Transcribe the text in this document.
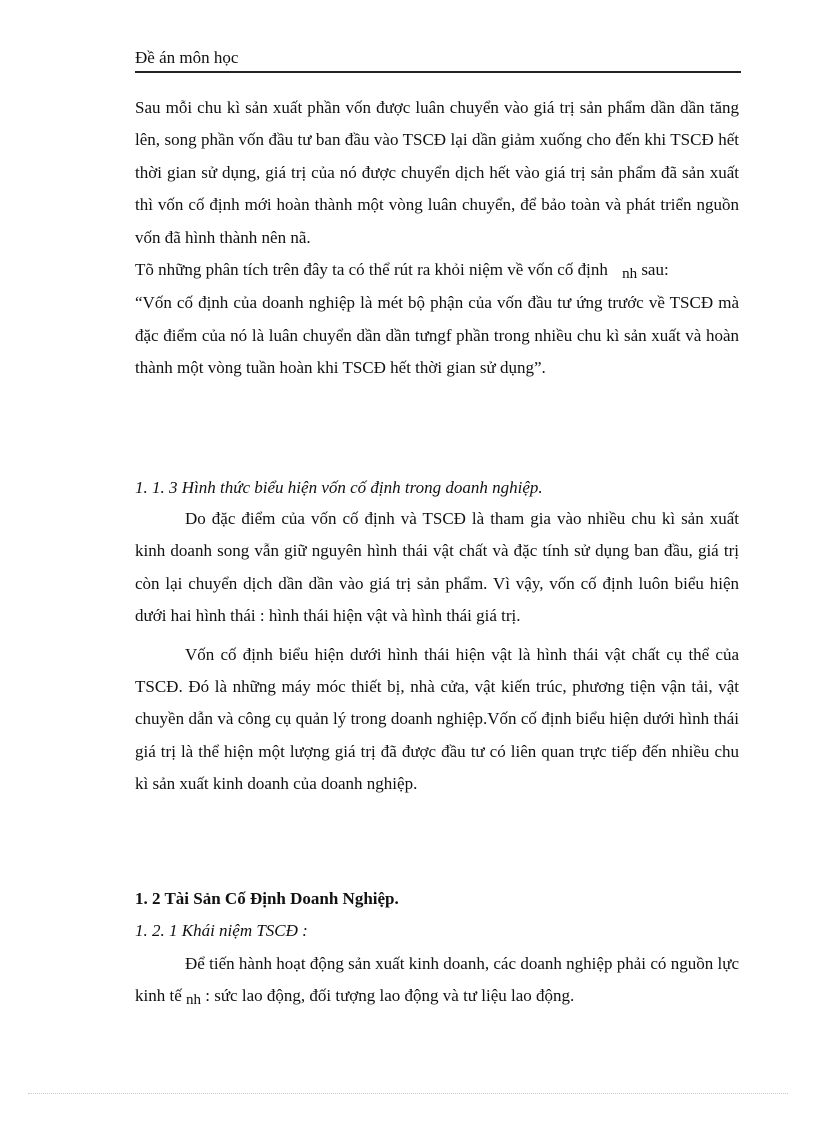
Đề án môn học

Sau mỗi chu kì sản xuất phần vốn được luân chuyển vào giá trị sản phẩm dần dần tăng lên, song phần vốn đầu tư ban đầu vào TSCĐ lại dần giảm xuống cho đến khi TSCĐ hết thời gian sử dụng, giá trị của nó được chuyển dịch hết vào giá trị sản phẩm đã sản xuất thì vốn cố định mới hoàn thành một vòng luân chuyển, để bảo toàn và phát triển nguồn vốn đã hình thành nên nã.

Tõ những phân tích trên đây ta có thể rút ra khỏi niệm về vốn cố định nh sau:

“Vốn cố định của doanh nghiệp là mét bộ phận của vốn đầu tư ứng trước về TSCĐ mà đặc điểm của nó là luân chuyển dần dần tưngf phần trong nhiều chu kì sản xuất và hoàn thành một vòng tuần hoàn khi TSCĐ hết thời gian sử dụng”.

1. 1. 3 Hình thức biểu hiện vốn cố định trong doanh nghiệp.

Do đặc điểm của vốn cố định và TSCĐ là tham gia vào nhiều chu kì sản xuất kinh doanh song vẫn giữ nguyên hình thái vật chất và đặc tính sử dụng ban đầu, giá trị còn lại chuyển dịch dần dần vào giá trị sản phẩm. Vì vậy, vốn cố định luôn biểu hiện dưới hai hình thái : hình thái hiện vật và hình thái giá trị.

Vốn cố định biểu hiện dưới hình thái hiện vật là hình thái vật chất cụ thể của TSCĐ. Đó là những máy móc thiết bị, nhà cửa, vật kiến trúc, phương tiện vận tải, vật chuyền dẫn và công cụ quản lý trong doanh nghiệp.Vốn cố định biểu hiện dưới hình thái giá trị là thể hiện một lượng giá trị đã được đầu tư có liên quan trực tiếp đến nhiều chu kì sản xuất kinh doanh của doanh nghiệp.

1. 2 Tài Sản Cố Định Doanh Nghiệp.
1. 2. 1 Khái niệm TSCĐ :

Để tiến hành hoạt động sản xuất kinh doanh, các doanh nghiệp phải có nguồn lực kinh tế nh : sức lao động, đối tượng lao động và tư liệu lao động.
